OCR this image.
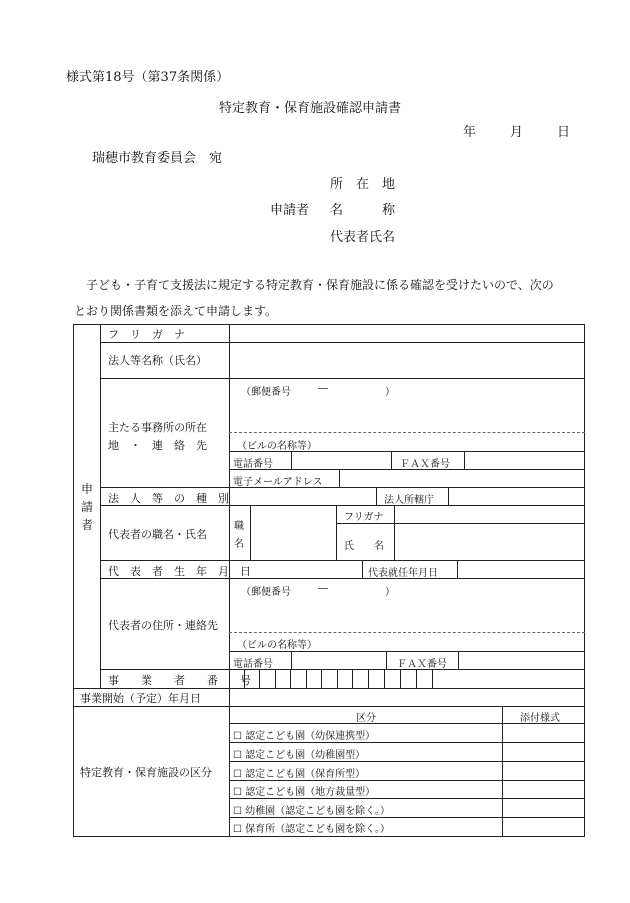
様式第18号（第37条関係）
特定教育・保育施設確認申請書
年	月	日
瑞穂市教育委員会　宛
所　在　地
申請者 名　　　称
代表者氏名
子ども・子育て支援法に規定する特定教育・保育施設に係る確認を受けたいので、次の
とおり関係書類を添えて申請します。
申
請
者
フ　リ　ガ　ナ
法人等名称（氏名）
主たる事務所の所在
地　・　連　絡　先
（郵便番号	―	）
（ビルの名称等）
電話番号	ＦＡＸ番号
電子メールアドレス
法　人　等　の　種　別	法人所轄庁
代表者の職名・氏名
職
名
フリガナ
氏　　名
代　表　者　生　年　月　日	代表就任年月日
代表者の住所・連絡先
（郵便番号	―	）
（ビルの名称等）
電話番号	ＦＡＸ番号
事　　業　　者　　番　　号
事業開始（予定）年月日
特定教育・保育施設の区分
区分	添付様式
☐ 認定こども園（幼保連携型）
☐ 認定こども園（幼稚園型）
☐ 認定こども園（保育所型）
☐ 認定こども園（地方裁量型）
☐ 幼稚園（認定こども園を除く。）
☐ 保育所（認定こども園を除く。）
